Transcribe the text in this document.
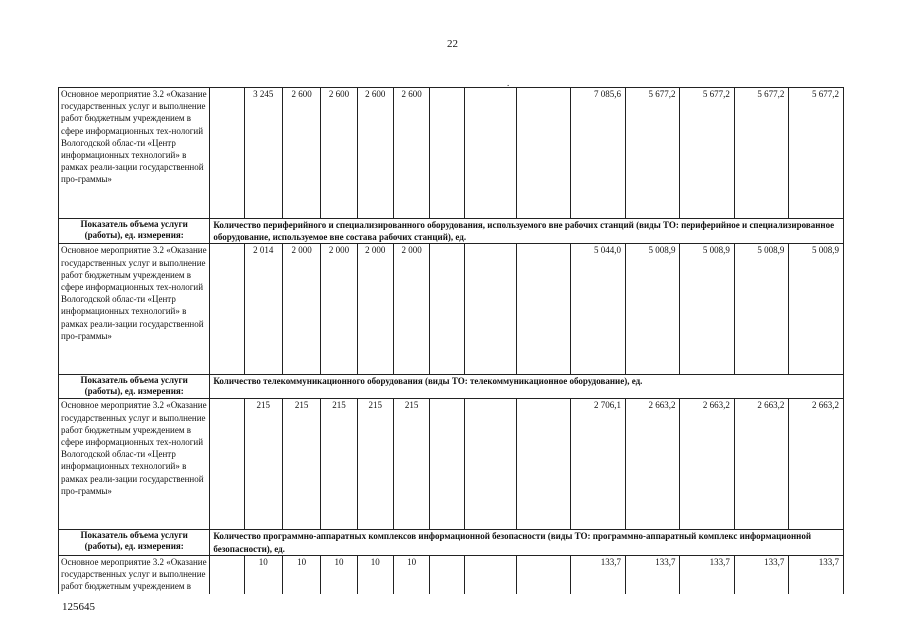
22
.
Основное мероприятие 3.2 «Оказание государственных услуг и выполнение работ бюджетным учреждением в сфере информационных тех-нологий Вологодской облас-ти «Центр информационных технологий» в рамках реали-зации государственной про-граммы»		3 245	2 600	2 600	2 600	2 600				7 085,6	5 677,2	5 677,2	5 677,2	5 677,2
Показатель объема услуги (работы), ед. измерения:	Количество периферийного и специализированного оборудования, используемого вне рабочих станций (виды ТО: периферийное и специализированное оборудование, используемое вне состава рабочих станций), ед.													
Основное мероприятие 3.2 «Оказание государственных услуг и выполнение работ бюджетным учреждением в сфере информационных тех-нологий Вологодской облас-ти «Центр информационных технологий» в рамках реали-зации государственной про-граммы»		2 014	2 000	2 000	2 000	2 000				5 044,0	5 008,9	5 008,9	5 008,9	5 008,9
Показатель объема услуги (работы), ед. измерения:	Количество телекоммуникационного оборудования (виды ТО: телекоммуникационное оборудование), ед.													
Основное мероприятие 3.2 «Оказание государственных услуг и выполнение работ бюджетным учреждением в сфере информационных тех-нологий Вологодской облас-ти «Центр информационных технологий» в рамках реали-зации государственной про-граммы»		215	215	215	215	215				2 706,1	2 663,2	2 663,2	2 663,2	2 663,2
Показатель объема услуги (работы), ед. измерения:	Количество программно-аппаратных комплексов информационной безопасности (виды ТО: программно-аппаратный комплекс информационной безопасности), ед.													
Основное мероприятие 3.2 «Оказание государственных услуг и выполнение работ бюджетным учреждением в		10	10	10	10	10				133,7	133,7	133,7	133,7	133,7
125645
